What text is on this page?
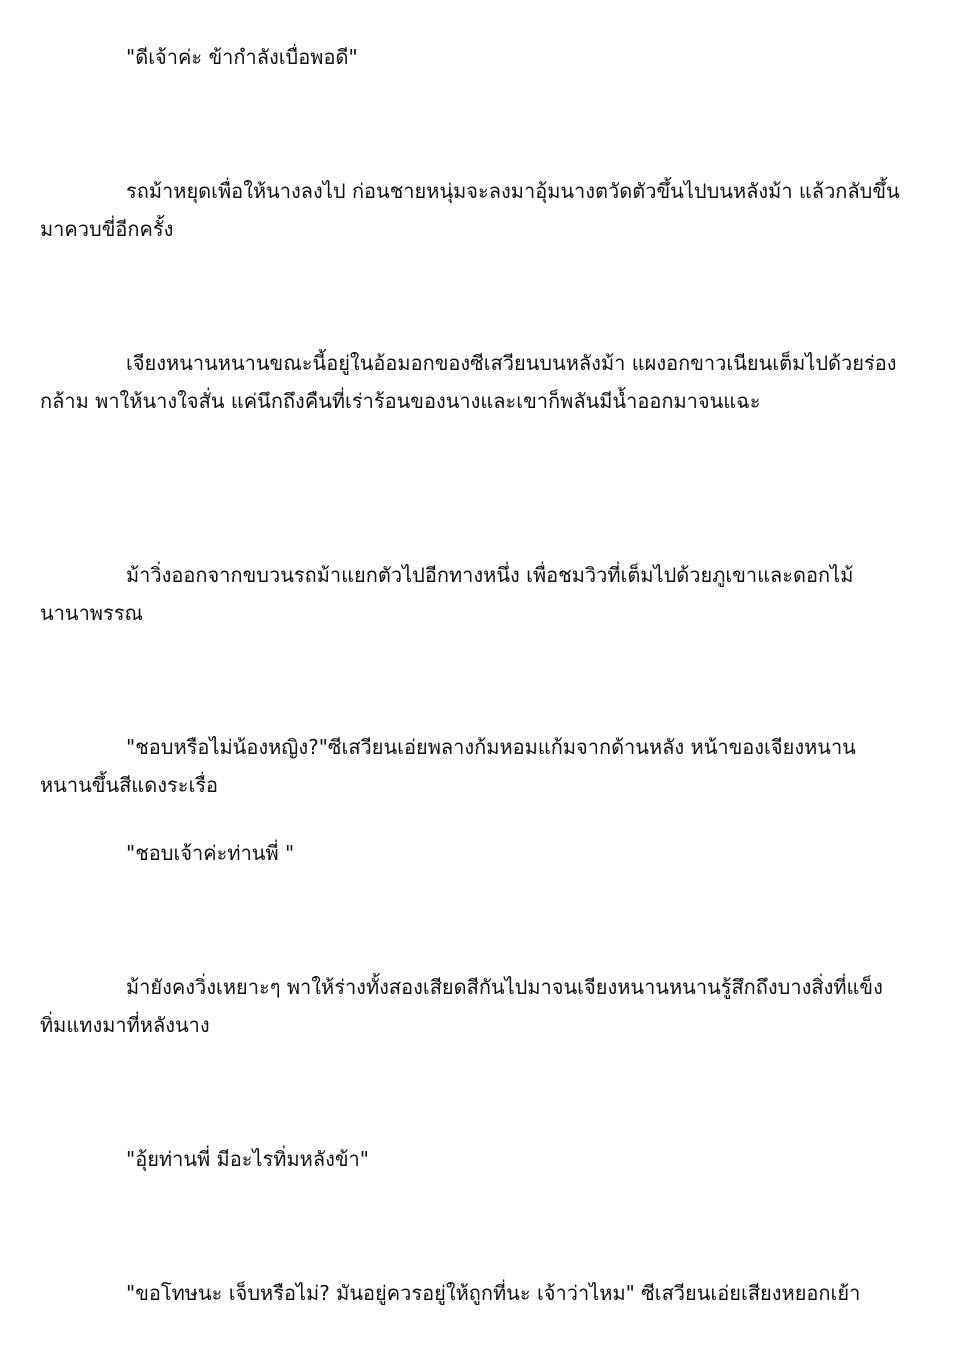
"ดีเจ้าค่ะ ข้ากำลังเบื่อพอดี"

รถม้าหยุดเพื่อให้นางลงไป ก่อนชายหนุ่มจะลงมาอุ้มนางตวัดตัวขึ้นไปบนหลังม้า แล้วกลับขึ้นมาควบขี่อีกครั้ง

เจียงหนานหนานขณะนี้อยู่ในอ้อมอกของซีเสวียนบนหลังม้า แผงอกขาวเนียนเต็มไปด้วยร่องกล้าม พาให้นางใจสั่น แค่นึกถึงคืนที่เร่าร้อนของนางและเขาก็พลันมีน้ำออกมาจนแฉะ

ม้าวิ่งออกจากขบวนรถม้าแยกตัวไปอีกทางหนึ่ง เพื่อชมวิวที่เต็มไปด้วยภูเขาและดอกไม้นานาพรรณ

"ชอบหรือไม่น้องหญิง?"ซีเสวียนเอ่ยพลางก้มหอมแก้มจากด้านหลัง หน้าของเจียงหนานหนานขึ้นสีแดงระเรื่อ

"ชอบเจ้าค่ะท่านพี่ "

ม้ายังคงวิ่งเหยาะๆ พาให้ร่างทั้งสองเสียดสีกันไปมาจนเจียงหนานหนานรู้สึกถึงบางสิ่งที่แข็งทิ่มแทงมาที่หลังนาง

"อุ้ยท่านพี่ มีอะไรทิ่มหลังข้า"

"ขอโทษนะ เจ็บหรือไม่? มันอยู่ควรอยู่ให้ถูกที่นะ เจ้าว่าไหม" ซีเสวียนเอ่ยเสียงหยอกเย้า
